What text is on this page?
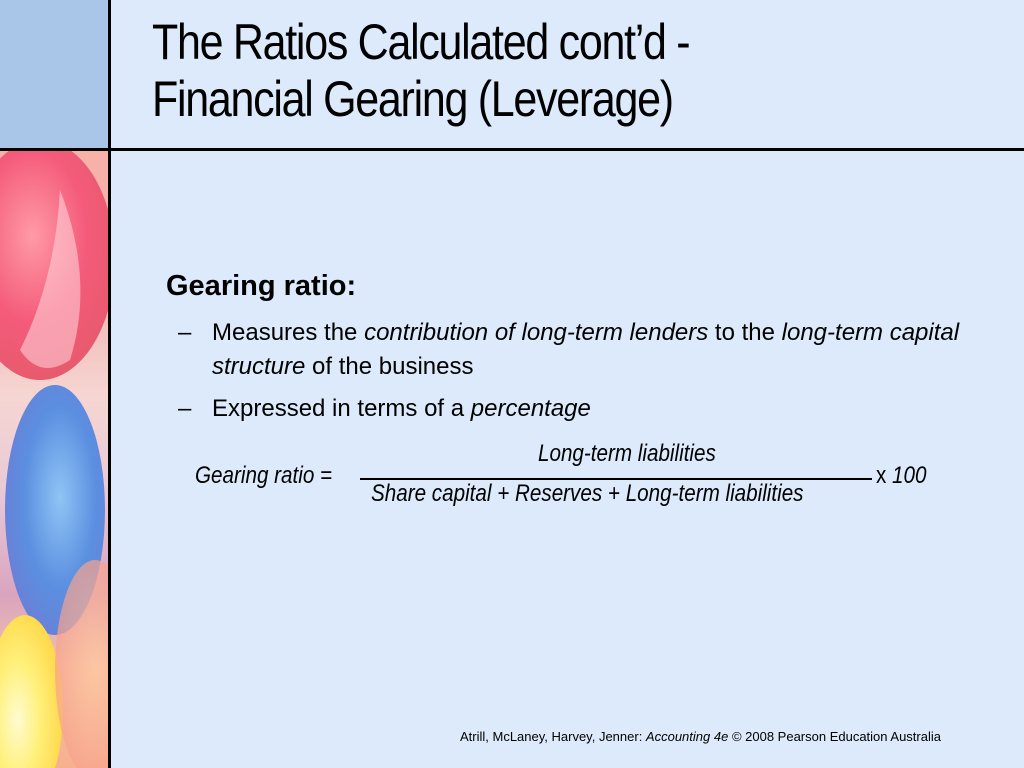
The Ratios Calculated cont’d -
Financial Gearing (Leverage)
Gearing ratio:
– Measures the contribution of long-term lenders to the long-term capital structure of the business
– Expressed in terms of a percentage
Gearing ratio =
Long-term liabilities
Share capital + Reserves + Long-term liabilities
x 100
Atrill, McLaney, Harvey, Jenner: Accounting 4e © 2008 Pearson Education Australia
